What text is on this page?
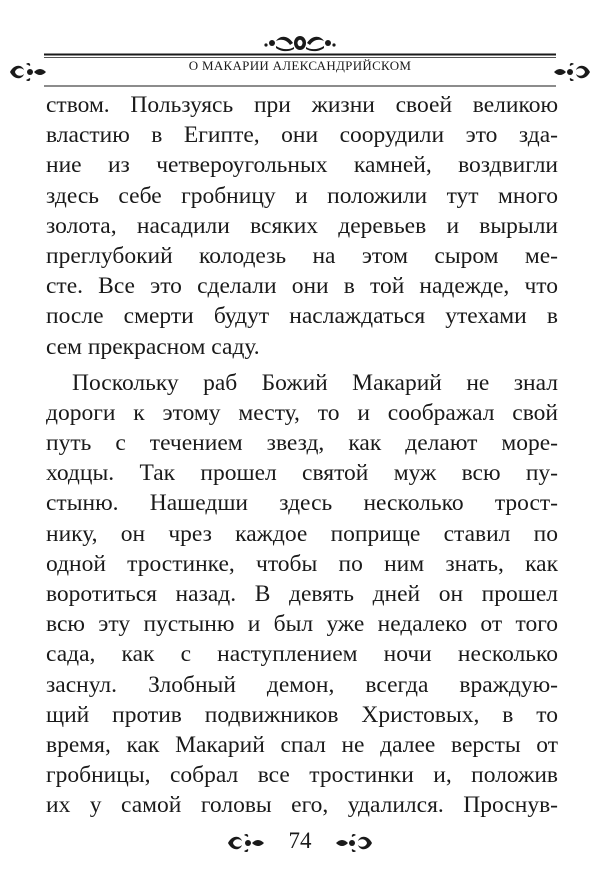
О МАКАРИИ АЛЕКСАНДРИЙСКОМ
ством. Пользуясь при жизни своей великою
властию в Египте, они соорудили это зда-
ние из четвероугольных камней, воздвигли
здесь себе гробницу и положили тут много
золота, насадили всяких деревьев и вырыли
преглубокий колодезь на этом сыром ме-
сте. Все это сделали они в той надежде, что
после смерти будут наслаждаться утехами в
сем прекрасном саду.
Поскольку раб Божий Макарий не знал
дороги к этому месту, то и соображал свой
путь с течением звезд, как делают море-
ходцы. Так прошел святой муж всю пу-
стыню. Нашедши здесь несколько трост-
нику, он чрез каждое поприще ставил по
одной тростинке, чтобы по ним знать, как
воротиться назад. В девять дней он прошел
всю эту пустыню и был уже недалеко от того
сада, как с наступлением ночи несколько
заснул. Злобный демон, всегда враждую-
щий против подвижников Христовых, в то
время, как Макарий спал не далее версты от
гробницы, собрал все тростинки и, положив
их у самой головы его, удалился. Проснув-
74
